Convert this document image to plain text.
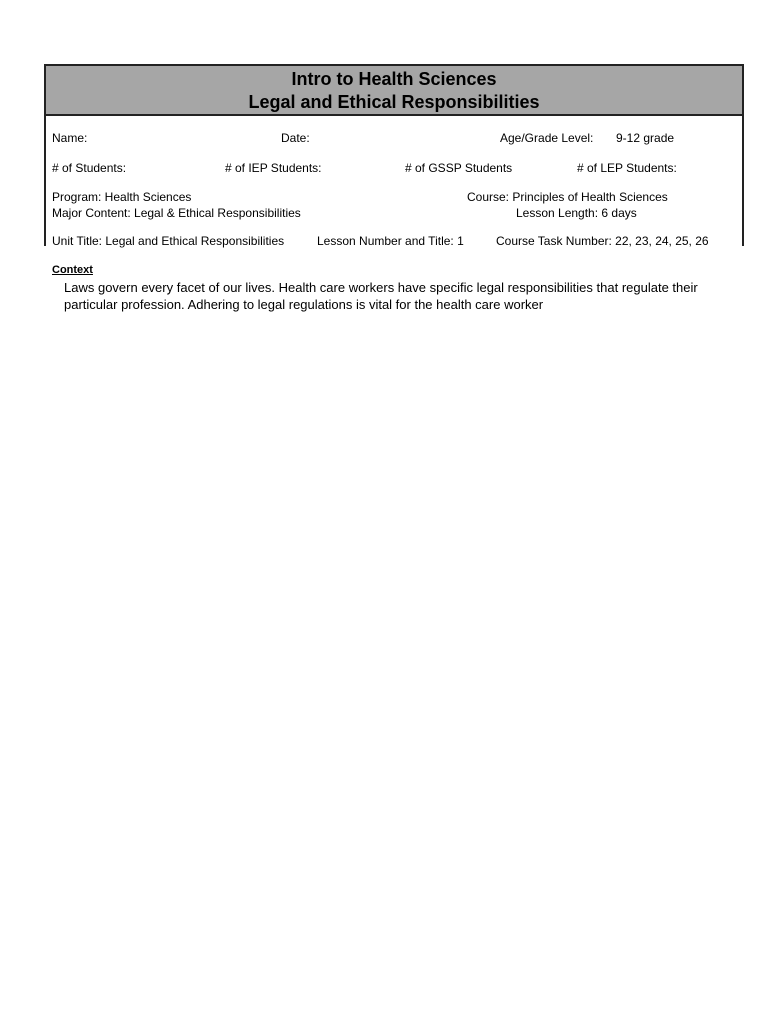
Intro to Health Sciences
Legal and Ethical Responsibilities
Name:	Date:	Age/Grade Level: 9-12 grade
# of Students:	# of IEP Students:	# of GSSP Students	# of LEP Students:
Program: Health Sciences	Course: Principles of Health Sciences
Major Content: Legal & Ethical Responsibilities	Lesson Length: 6 days
Unit Title: Legal and Ethical Responsibilities	Lesson Number and Title: 1	Course Task Number: 22, 23, 24, 25, 26
Context
Laws govern every facet of our lives. Health care workers have specific legal responsibilities that regulate their particular profession. Adhering to legal regulations is vital for the health care worker
